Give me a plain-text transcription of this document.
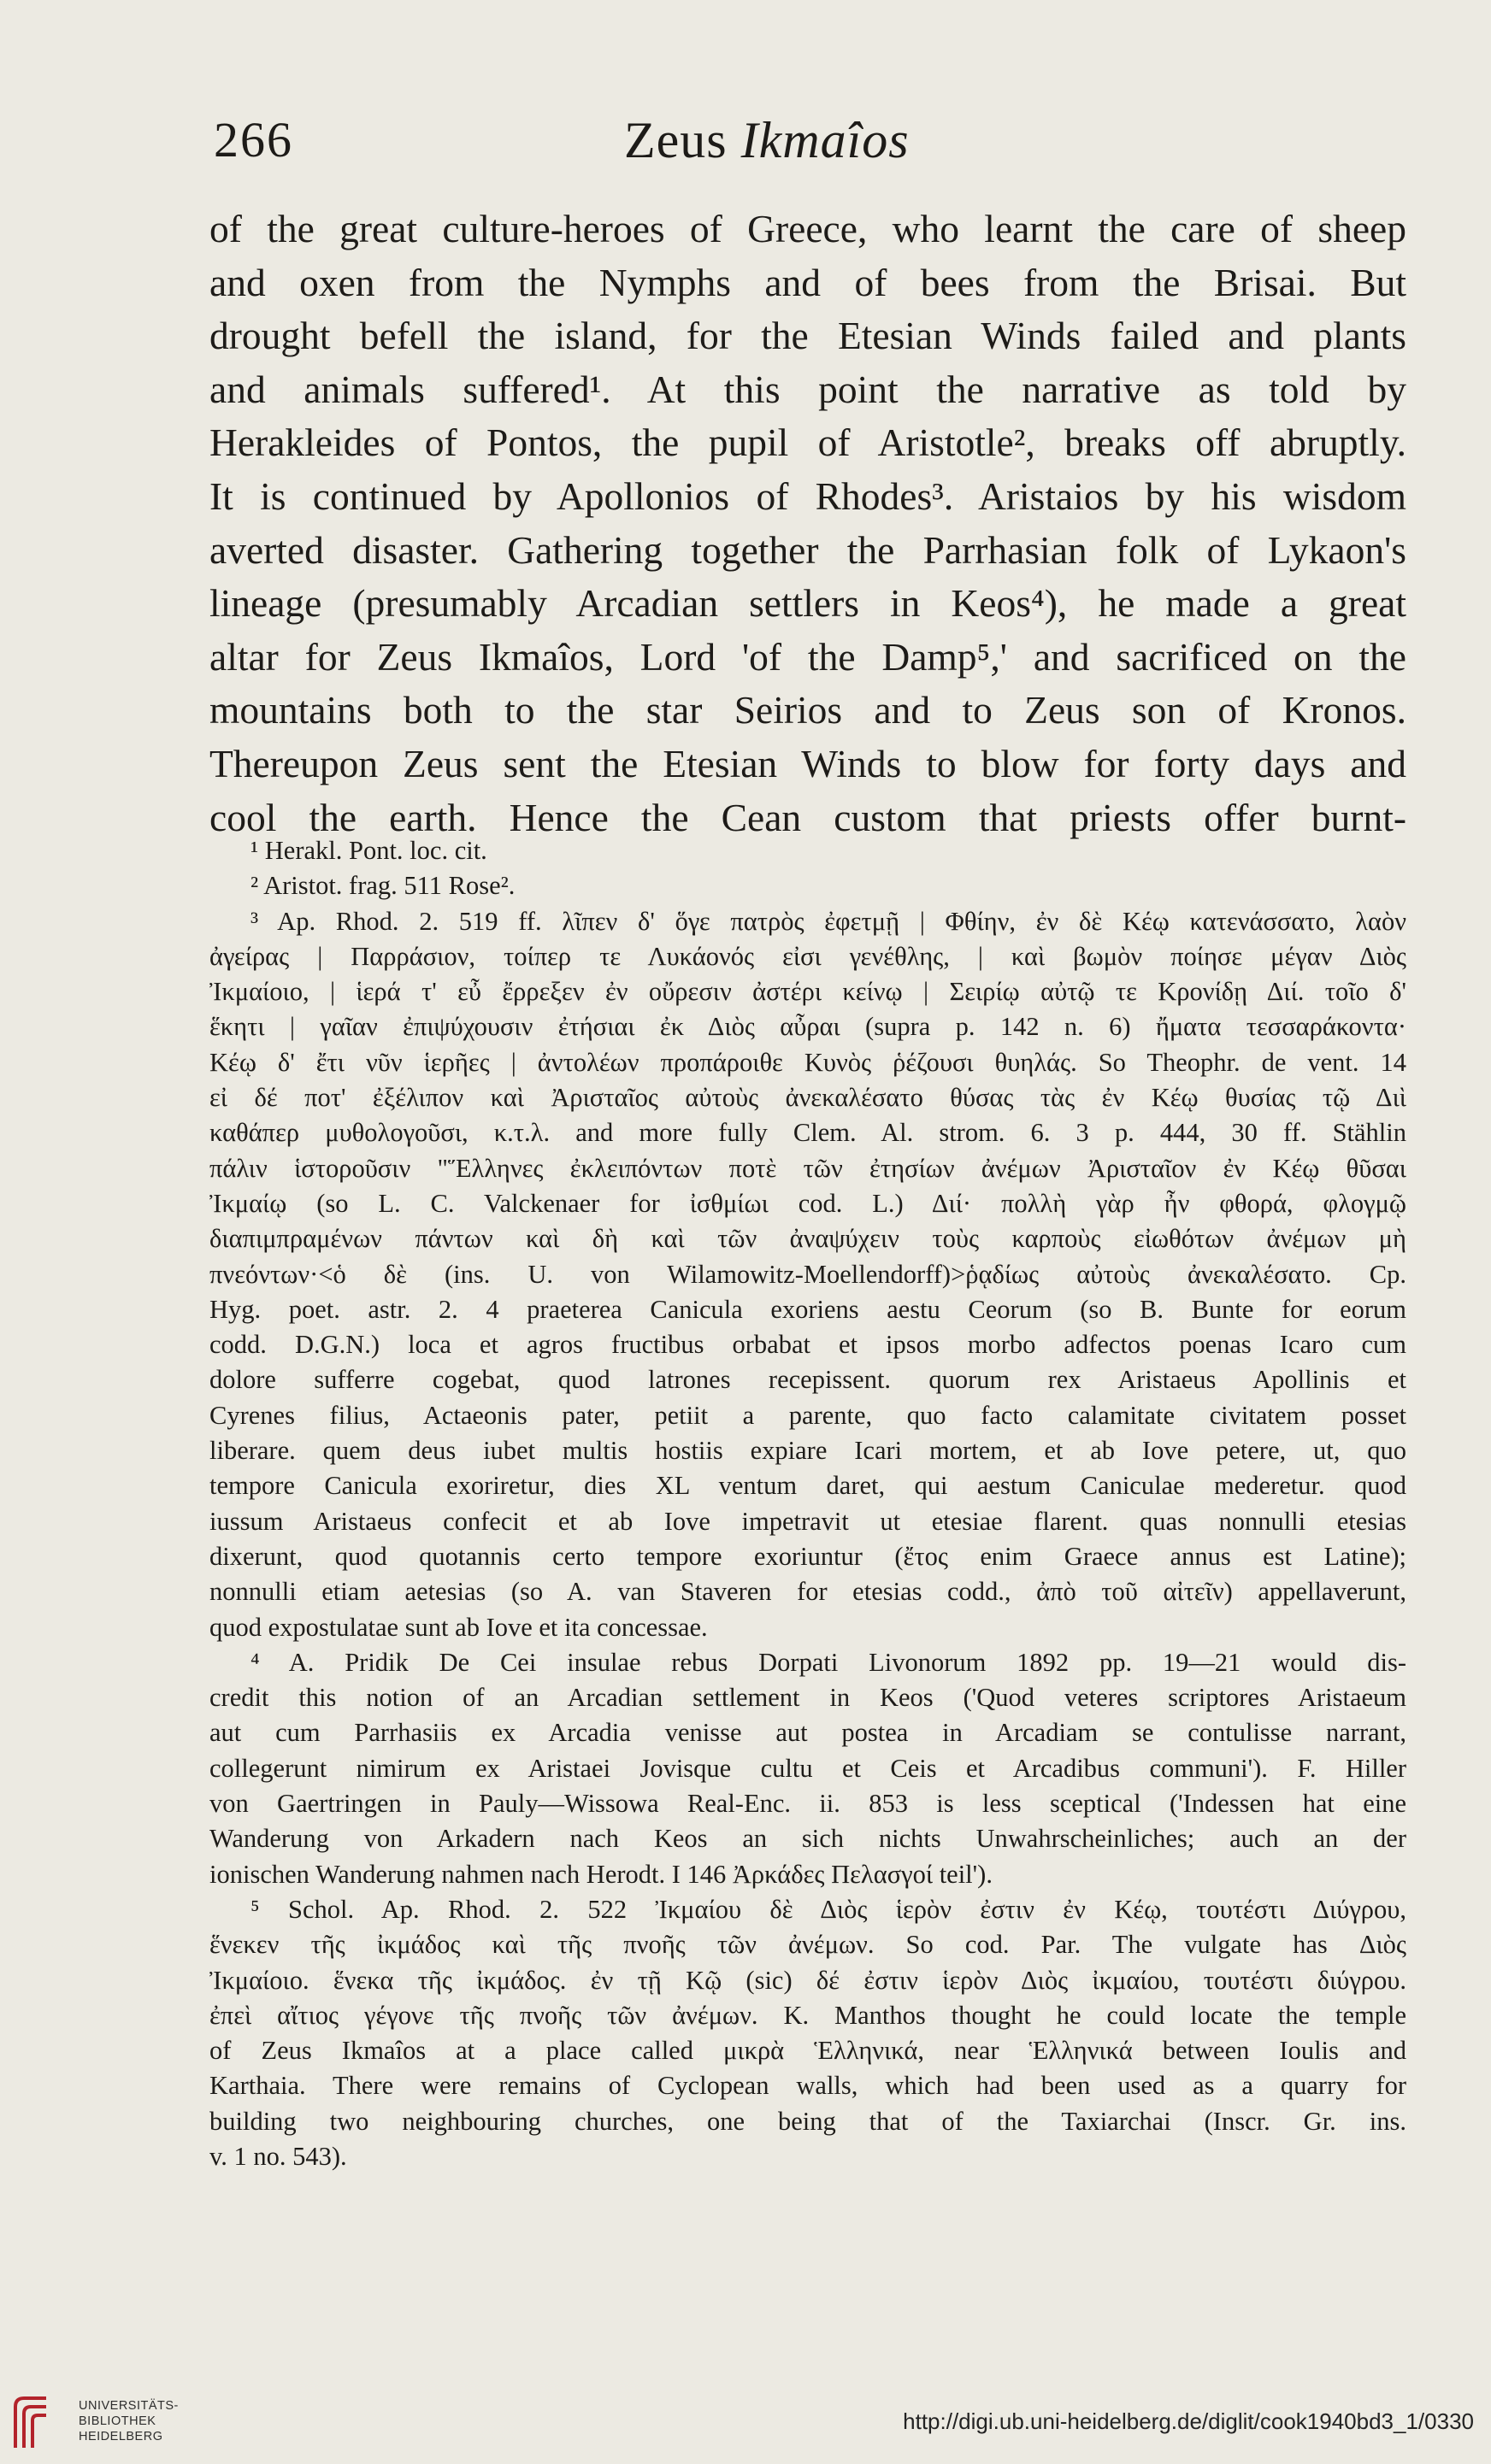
266	Zeus Ikmaîos
of the great culture-heroes of Greece, who learnt the care of sheep
and oxen from the Nymphs and of bees from the Brisai. But
drought befell the island, for the Etesian Winds failed and plants
and animals suffered¹. At this point the narrative as told by
Herakleides of Pontos, the pupil of Aristotle², breaks off abruptly.
It is continued by Apollonios of Rhodes³. Aristaios by his wisdom
averted disaster. Gathering together the Parrhasian folk of Lykaon's
lineage (presumably Arcadian settlers in Keos⁴), he made a great
altar for Zeus Ikmaîos, Lord 'of the Damp⁵,' and sacrificed on the
mountains both to the star Seirios and to Zeus son of Kronos.
Thereupon Zeus sent the Etesian Winds to blow for forty days and
cool the earth. Hence the Cean custom that priests offer burnt-
¹ Herakl. Pont. loc. cit.
² Aristot. frag. 511 Rose².
³ Ap. Rhod. 2. 519 ff. λῖπεν δ' ὅγε πατρὸς ἐφετμῇ | Φθίην, ἐν δὲ Κέῳ κατενάσσατο, λαὸν
ἀγείρας | Παρράσιον, τοίπερ τε Λυκάονός εἰσι γενέθλης, | καὶ βωμὸν ποίησε μέγαν Διὸς
Ἰκμαίοιο, | ἱερά τ' εὖ ἔρρεξεν ἐν οὔρεσιν ἀστέρι κείνῳ | Σειρίῳ αὐτῷ τε Κρονίδῃ Διί. τοῖο δ'
ἕκητι | γαῖαν ἐπιψύχουσιν ἐτήσιαι ἐκ Διὸς αὖραι (supra p. 142 n. 6) ἤματα τεσσαράκοντα·
Κέῳ δ' ἔτι νῦν ἱερῆες | ἀντολέων προπάροιθε Κυνὸς ῥέζουσι θυηλάς. So Theophr. de vent. 14
εἰ δέ ποτ' ἐξέλιπον καὶ Ἀρισταῖος αὐτοὺς ἀνεκαλέσατο θύσας τὰς ἐν Κέῳ θυσίας τῷ Διὶ
καθάπερ μυθολογοῦσι, κ.τ.λ. and more fully Clem. Al. strom. 6. 3 p. 444, 30 ff. Stählin
πάλιν ἱστοροῦσιν "Ἕλληνες ἐκλειπόντων ποτὲ τῶν ἐτησίων ἀνέμων Ἀρισταῖον ἐν Κέῳ θῦσαι
Ἰκμαίῳ (so L. C. Valckenaer for ἰσθμίωι cod. L.) Διί· πολλὴ γὰρ ἦν φθορά, φλογμῷ
διαπιμπραμένων πάντων καὶ δὴ καὶ τῶν ἀναψύχειν τοὺς καρποὺς εἰωθότων ἀνέμων μὴ
πνεόντων·<ὁ δὲ (ins. U. von Wilamowitz-Moellendorff)>ῥᾳδίως αὐτοὺς ἀνεκαλέσατο. Cp.
Hyg. poet. astr. 2. 4 praeterea Canicula exoriens aestu Ceorum (so B. Bunte for eorum
codd. D.G.N.) loca et agros fructibus orbabat et ipsos morbo adfectos poenas Icaro cum
dolore sufferre cogebat, quod latrones recepissent. quorum rex Aristaeus Apollinis et
Cyrenes filius, Actaeonis pater, petiit a parente, quo facto calamitate civitatem posset
liberare. quem deus iubet multis hostiis expiare Icari mortem, et ab Iove petere, ut, quo
tempore Canicula exoriretur, dies XL ventum daret, qui aestum Caniculae mederetur. quod
iussum Aristaeus confecit et ab Iove impetravit ut etesiae flarent. quas nonnulli etesias
dixerunt, quod quotannis certo tempore exoriuntur (ἔτος enim Graece annus est Latine);
nonnulli etiam aetesias (so A. van Staveren for etesias codd., ἀπὸ τοῦ αἰτεῖν) appellaverunt,
quod expostulatae sunt ab Iove et ita concessae.
⁴ A. Pridik De Cei insulae rebus Dorpati Livonorum 1892 pp. 19—21 would dis-
credit this notion of an Arcadian settlement in Keos ('Quod veteres scriptores Aristaeum
aut cum Parrhasiis ex Arcadia venisse aut postea in Arcadiam se contulisse narrant,
collegerunt nimirum ex Aristaei Jovisque cultu et Ceis et Arcadibus communi'). F. Hiller
von Gaertringen in Pauly—Wissowa Real-Enc. ii. 853 is less sceptical ('Indessen hat eine
Wanderung von Arkadern nach Keos an sich nichts Unwahrscheinliches; auch an der
ionischen Wanderung nahmen nach Herodt. I 146 Ἀρκάδες Πελασγοί teil').
⁵ Schol. Ap. Rhod. 2. 522 Ἰκμαίου δὲ Διὸς ἱερὸν ἐστιν ἐν Κέῳ, τουτέστι Διύγρου,
ἕνεκεν τῆς ἰκμάδος καὶ τῆς πνοῆς τῶν ἀνέμων. So cod. Par. The vulgate has Διὸς
Ἰκμαίοιο. ἕνεκα τῆς ἰκμάδος. ἐν τῇ Κῷ (sic) δέ ἐστιν ἱερὸν Διὸς ἰκμαίου, τουτέστι διύγρου.
ἐπεὶ αἴτιος γέγονε τῆς πνοῆς τῶν ἀνέμων. K. Manthos thought he could locate the temple
of Zeus Ikmaîos at a place called μικρὰ Ἑλληνικά, near Ἑλληνικά between Ioulis and
Karthaia. There were remains of Cyclopean walls, which had been used as a quarry for
building two neighbouring churches, one being that of the Taxiarchai (Inscr. Gr. ins.
v. 1 no. 543).
UNIVERSITÄTS-
BIBLIOTHEK
HEIDELBERG
http://digi.ub.uni-heidelberg.de/diglit/cook1940bd3_1/0330
